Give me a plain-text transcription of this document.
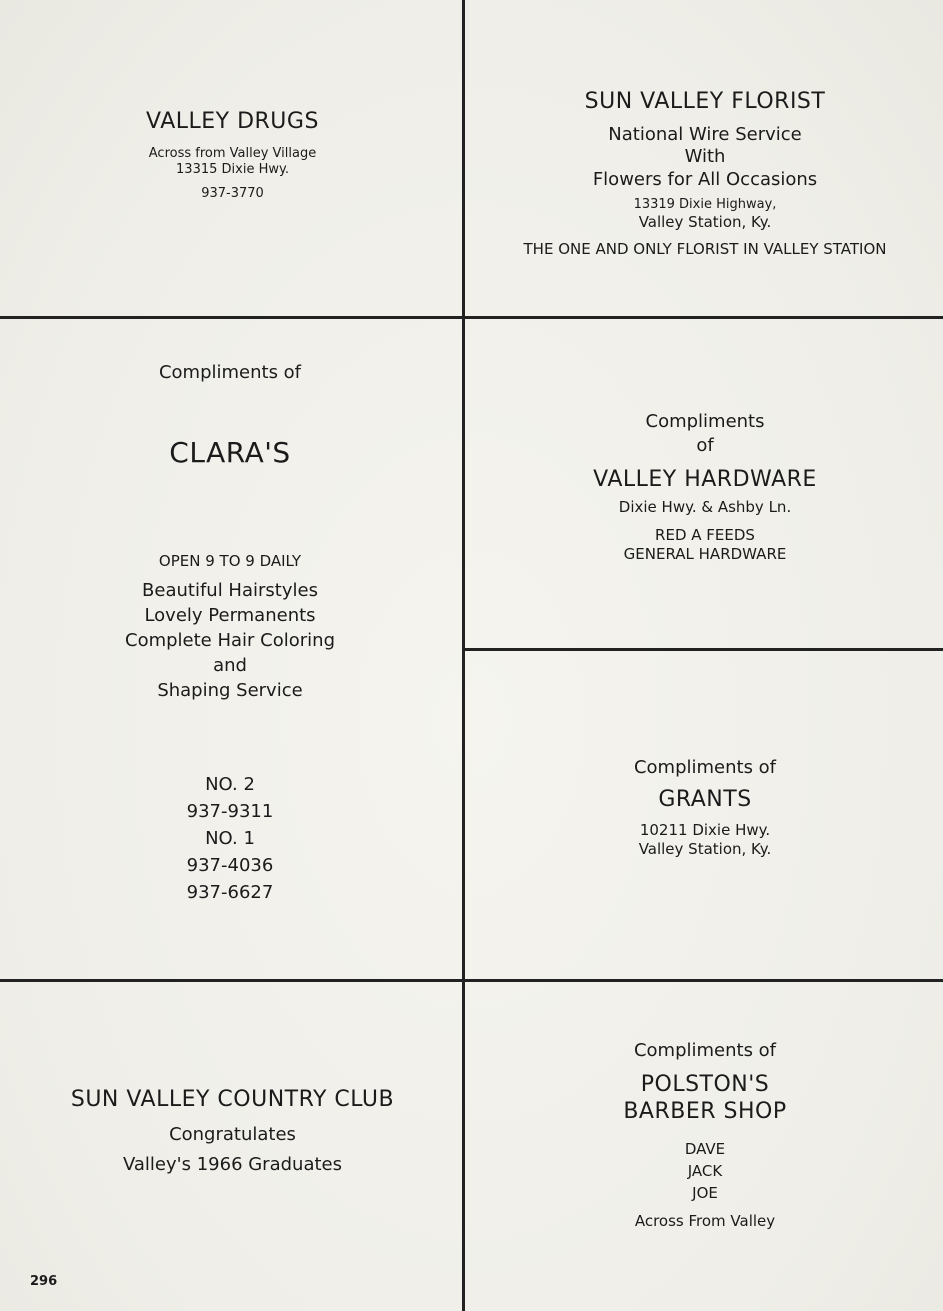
VALLEY DRUGS
Across from Valley Village
13315 Dixie Hwy.
937-3770
SUN VALLEY FLORIST
National Wire Service
With
Flowers for All Occasions
13319 Dixie Highway,
Valley Station, Ky.
THE ONE AND ONLY FLORIST IN VALLEY STATION
Compliments of
CLARA'S
OPEN 9 TO 9 DAILY
Beautiful Hairstyles
Lovely Permanents
Complete Hair Coloring
and
Shaping Service
NO. 2
937-9311
NO. 1
937-4036
937-6627
Compliments
of
VALLEY HARDWARE
Dixie Hwy. & Ashby Ln.
RED A FEEDS
GENERAL HARDWARE
Compliments of
GRANTS
10211 Dixie Hwy.
Valley Station, Ky.
SUN VALLEY COUNTRY CLUB
Congratulates
Valley's 1966 Graduates
Compliments of
POLSTON'S
BARBER SHOP
DAVE
JACK
JOE
Across From Valley
296
